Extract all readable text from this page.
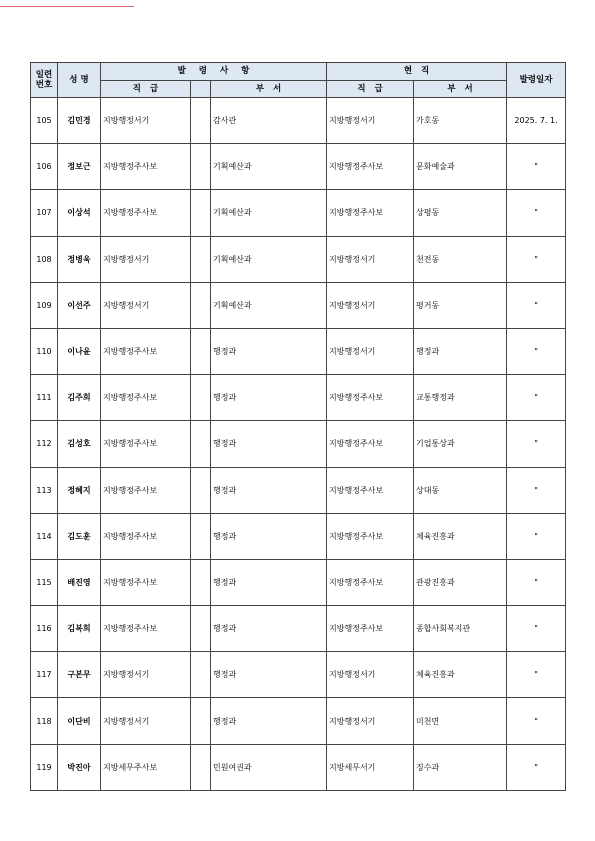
일련
번호	성 명	발 령 사 항			현   직		발령일자
		직 급		부 서	직 급	부 서	
105	김민경	지방행정서기		감사관	지방행정서기	가호동	2025. 7. 1.
106	정보근	지방행정주사보		기획예산과	지방행정주사보	문화예술과	"
107	이상석	지방행정주사보		기획예산과	지방행정주사보	상평동	"
108	정병욱	지방행정서기		기획예산과	지방행정서기	천전동	"
109	이선주	지방행정서기		기획예산과	지방행정서기	평거동	"
110	이나윤	지방행정주사보		행정과	지방행정서기	행정과	"
111	김주희	지방행정주사보		행정과	지방행정주사보	교통행정과	"
112	김성호	지방행정주사보		행정과	지방행정주사보	기업통상과	"
113	정혜지	지방행정주사보		행정과	지방행정주사보	상대동	"
114	김도훈	지방행정주사보		행정과	지방행정주사보	체육진흥과	"
115	배진영	지방행정주사보		행정과	지방행정주사보	관광진흥과	"
116	김복희	지방행정주사보		행정과	지방행정주사보	종합사회복지관	"
117	구본무	지방행정서기		행정과	지방행정서기	체육진흥과	"
118	이단비	지방행정서기		행정과	지방행정서기	미천면	"
119	박진아	지방세무주사보		민원여권과	지방세무서기	징수과	"
